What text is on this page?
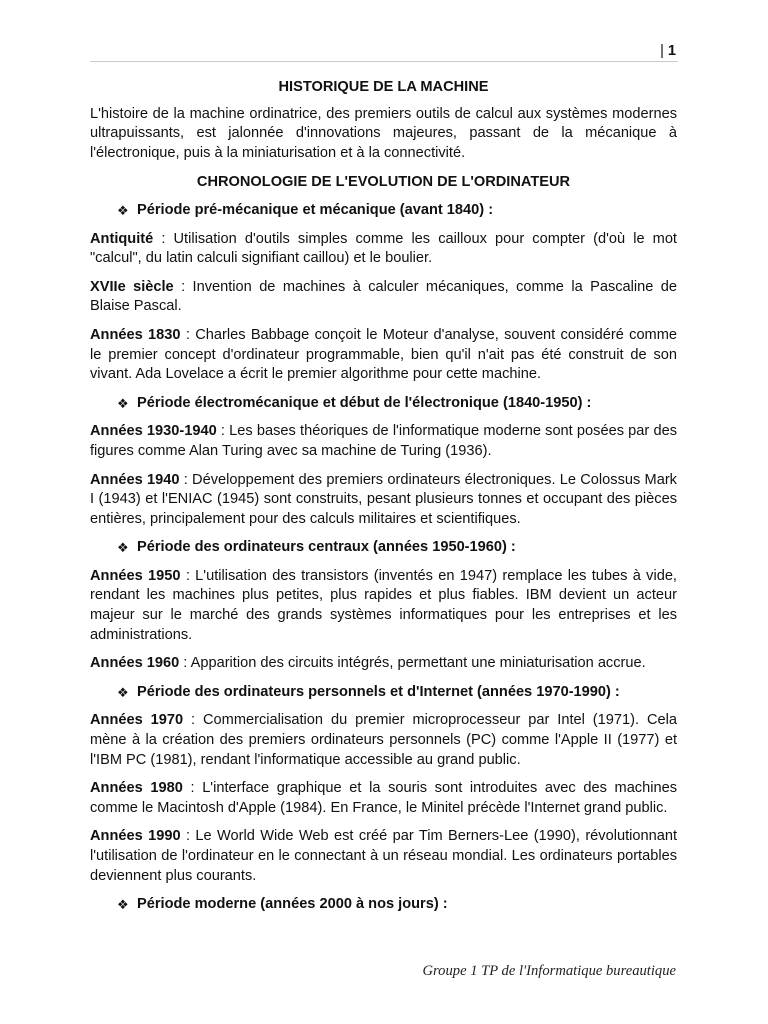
| 1
HISTORIQUE DE LA MACHINE
L'histoire de la machine ordinatrice, des premiers outils de calcul aux systèmes modernes ultrapuissants, est jalonnée d'innovations majeures, passant de la mécanique à l'électronique, puis à la miniaturisation et à la connectivité.
CHRONOLOGIE DE L'EVOLUTION DE L'ORDINATEUR
❖ Période pré-mécanique et mécanique (avant 1840) :
Antiquité : Utilisation d'outils simples comme les cailloux pour compter (d'où le mot "calcul", du latin calculi signifiant caillou) et le boulier.
XVIIe siècle : Invention de machines à calculer mécaniques, comme la Pascaline de Blaise Pascal.
Années 1830 : Charles Babbage conçoit le Moteur d'analyse, souvent considéré comme le premier concept d'ordinateur programmable, bien qu'il n'ait pas été construit de son vivant. Ada Lovelace a écrit le premier algorithme pour cette machine.
❖ Période électromécanique et début de l'électronique (1840-1950) :
Années 1930-1940 : Les bases théoriques de l'informatique moderne sont posées par des figures comme Alan Turing avec sa machine de Turing (1936).
Années 1940 : Développement des premiers ordinateurs électroniques. Le Colossus Mark I (1943) et l'ENIAC (1945) sont construits, pesant plusieurs tonnes et occupant des pièces entières, principalement pour des calculs militaires et scientifiques.
❖ Période des ordinateurs centraux (années 1950-1960) :
Années 1950 : L'utilisation des transistors (inventés en 1947) remplace les tubes à vide, rendant les machines plus petites, plus rapides et plus fiables. IBM devient un acteur majeur sur le marché des grands systèmes informatiques pour les entreprises et les administrations.
Années 1960 : Apparition des circuits intégrés, permettant une miniaturisation accrue.
❖ Période des ordinateurs personnels et d'Internet (années 1970-1990) :
Années 1970 : Commercialisation du premier microprocesseur par Intel (1971). Cela mène à la création des premiers ordinateurs personnels (PC) comme l'Apple II (1977) et l'IBM PC (1981), rendant l'informatique accessible au grand public.
Années 1980 : L'interface graphique et la souris sont introduites avec des machines comme le Macintosh d'Apple (1984). En France, le Minitel précède l'Internet grand public.
Années 1990 : Le World Wide Web est créé par Tim Berners-Lee (1990), révolutionnant l'utilisation de l'ordinateur en le connectant à un réseau mondial. Les ordinateurs portables deviennent plus courants.
❖ Période moderne (années 2000 à nos jours) :
Groupe 1 TP de l'Informatique bureautique
